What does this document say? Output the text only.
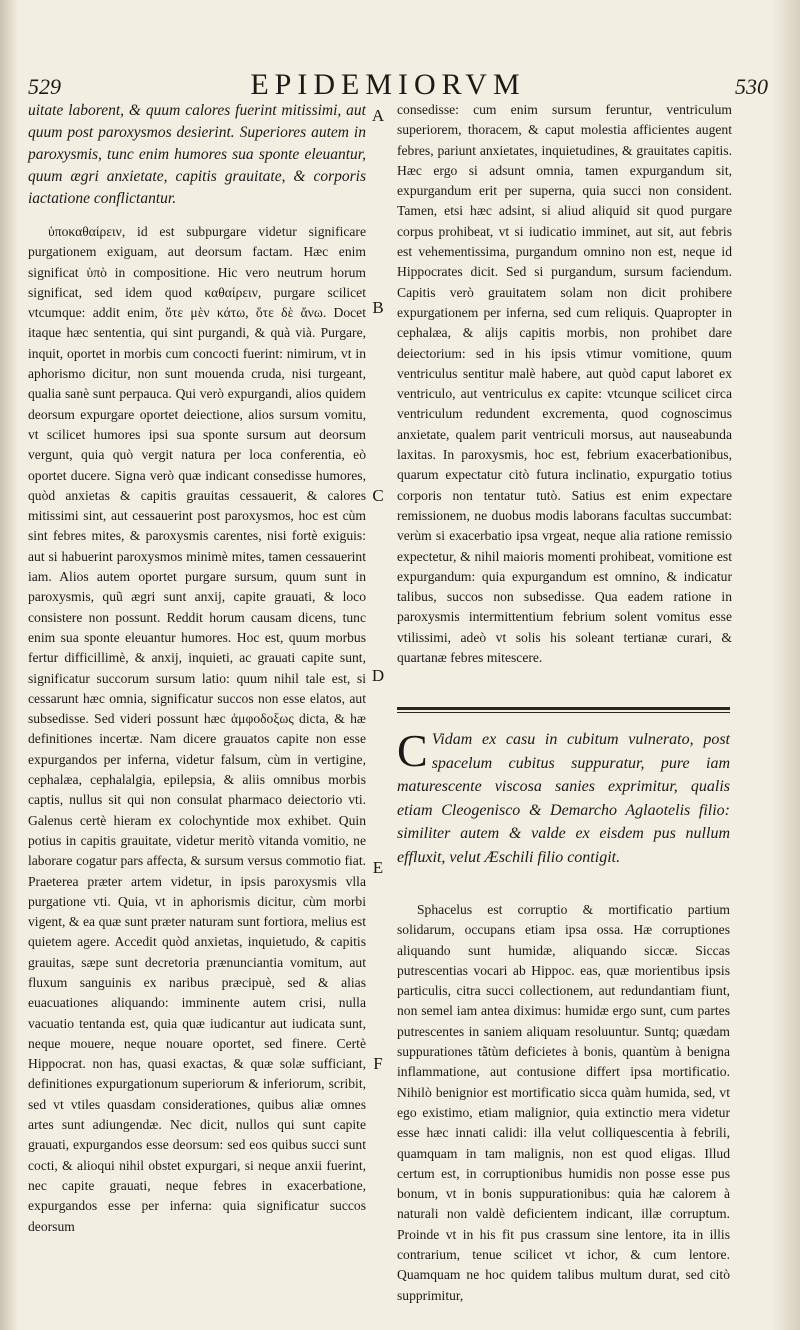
529	EPIDEMIORVM	530

uitate laborent, & quum calores fuerint mitissimi, aut quum post paroxysmos desierint. Superiores autem in paroxysmis, tunc enim humores sua sponte eleuantur, quum ægri anxietate, capitis grauitate, & corporis iactatione conflictantur.

ὑποκαθαίρειν, id est subpurgare videtur significare purgationem exiguam, aut deorsum factam. Hæc enim significat ὑπὸ in compositione. Hic vero neutrum horum significat, sed idem quod καθαίρειν, purgare scilicet vtcumque: addit enim, ὅτε μὲν κάτω, ὅτε δὲ ἄνω. Docet itaque hæc sententia, qui sint purgandi, & quà vià. Purgare, inquit, oportet in morbis cum concocti fuerint: nimirum, vt in aphorismo dicitur, non sunt mouenda cruda, nisi turgeant, qualia sanè sunt perpauca. Qui verò expurgandi, alios quidem deorsum expurgare oportet deiectione, alios sursum vomitu, vt scilicet humores ipsi sua sponte sursum aut deorsum vergunt, quia quò vergit natura per loca conferentia, eò oportet ducere. Signa verò quæ indicant consedisse humores, quòd anxietas & capitis grauitas cessauerit, & calores mitissimi sint, aut cessauerint post paroxysmos, hoc est cùm sint febres mites, & paroxysmis carentes, nisi fortè exiguis: aut si habuerint paroxysmos minimè mites, tamen cessauerint iam. Alios autem oportet purgare sursum, quum sunt in paroxysmis, quũ ægri sunt anxij, capite grauati, & loco consistere non possunt. Reddit horum causam dicens, tunc enim sua sponte eleuantur humores. Hoc est, quum morbus fertur difficillimè, & anxij, inquieti, ac grauati capite sunt, significatur succorum sursum latio: quum nihil tale est, si cessarunt hæc omnia, significatur succos non esse elatos, aut subsedisse. Sed videri possunt hæc ἀμφοδοξως dicta, & hæ definitiones incertæ. Nam dicere grauatos capite non esse expurgandos per inferna, videtur falsum, cùm in vertigine, cephalæa, cephalalgia, epilepsia, & aliis omnibus morbis captis, nullus sit qui non consulat pharmaco deiectorio vti. Galenus certè hieram ex colochyntide mox exhibet. Quin potius in capitis grauitate, videtur meritò vitanda vomitio, ne laborare cogatur pars affecta, & sursum versus commotio fiat. Praeterea præter artem videtur, in ipsis paroxysmis vlla purgatione vti. Quia, vt in aphorismis dicitur, cùm morbi vigent, & ea quæ sunt præter naturam sunt fortiora, melius est quietem agere. Accedit quòd anxietas, inquietudo, & capitis grauitas, sæpe sunt decretoria prænunciantia vomitum, aut fluxum sanguinis ex naribus præcipuè, sed & alias euacuationes aliquando: imminente autem crisi, nulla vacuatio tentanda est, quia quæ iudicantur aut iudicata sunt, neque mouere, neque nouare oportet, sed finere. Certè Hippocrat. non has, quasi exactas, & quæ solæ sufficiant, definitiones expurgationum superiorum & inferiorum, scribit, sed vt vtiles quasdam considerationes, quibus aliæ omnes artes sunt adiungendæ. Nec dicit, nullos qui sunt capite grauati, expurgandos esse deorsum: sed eos quibus succi sunt cocti, & alioqui nihil obstet expurgari, si neque anxii fuerint, nec capite grauati, neque febres in exacerbatione, expurgandos esse per inferna: quia significatur succos deorsum

consedisse: cum enim sursum feruntur, ventriculum superiorem, thoracem, & caput molestia afficientes augent febres, pariunt anxietates, inquietudines, & grauitates capitis. Hæc ergo si adsunt omnia, tamen expurgandum sit, expurgandum erit per superna, quia succi non consident. Tamen, etsi hæc adsint, si aliud aliquid sit quod purgare corpus prohibeat, vt si iudicatio imminet, aut sit, aut febris est vehementissima, purgandum omnino non est, neque id Hippocrates dicit. Sed si purgandum, sursum faciendum. Capitis verò grauitatem solam non dicit prohibere expurgationem per inferna, sed cum reliquis. Quapropter in cephalæa, & alijs capitis morbis, non prohibet dare deiectorium: sed in his ipsis vtimur vomitione, quum ventriculus sentitur malè habere, aut quòd caput laboret ex ventriculo, aut ventriculus ex capite: vtcunque scilicet circa ventriculum redundent excrementa, quod cognoscimus anxietate, qualem parit ventriculi morsus, aut nauseabunda laxitas. In paroxysmis, hoc est, febrium exacerbationibus, quarum expectatur citò futura inclinatio, expurgatio totius corporis non tentatur tutò. Satius est enim expectare remissionem, ne duobus modis laborans facultas succumbat: verùm si exacerbatio ipsa vrgeat, neque alia ratione remissio expectetur, & nihil maioris momenti prohibeat, vomitione est expurgandum: quia expurgandum est omnino, & indicatur talibus, succos non subsedisse. Qua eadem ratione in paroxysmis intermittentium febrium solent vomitus esse vtilissimi, adeò vt solis his soleant tertianæ curari, & quartanæ febres mitescere.

A
B
C
D
E
F
C Vidam ex casu in cubitum vulnerato, post spacelum cubitus suppuratur, pure iam maturescente viscosa sanies exprimitur, qualis etiam Cleogenisco & Demarcho Aglaotelis filio: similiter autem & valde ex eisdem pus nullum effluxit, velut Æschili filio contigit.

Sphacelus est corruptio & mortificatio partium solidarum, occupans etiam ipsa ossa. Hæ corruptiones aliquando sunt humidæ, aliquando siccæ. Siccas putrescentias vocari ab Hippoc. eas, quæ morientibus ipsis particulis, citra succi collectionem, aut redundantiam fiunt, non semel iam antea diximus: humidæ ergo sunt, cum partes putrescentes in saniem aliquam resoluuntur. Suntq; quædam suppurationes tãtùm deficietes à bonis, quantùm à benigna inflammatione, aut contusione differt ipsa mortificatio. Nihilò benignior est mortificatio sicca quàm humida, sed, vt ego existimo, etiam malignior, quia extinctio mera videtur esse hæc innati calidi: illa velut colliquescentia à febrili, quamquam in tam malignis, non est quod eligas. Illud certum est, in corruptionibus humidis non posse esse pus bonum, vt in bonis suppurationibus: quia hæ calorem à naturali non valdè deficientem indicant, illæ corruptum. Proinde vt in his fit pus crassum sine lentore, ita in illis contrarium, tenue scilicet vt ichor, & cum lentore. Quamquam ne hoc quidem talibus multum durat, sed citò supprimitur,
